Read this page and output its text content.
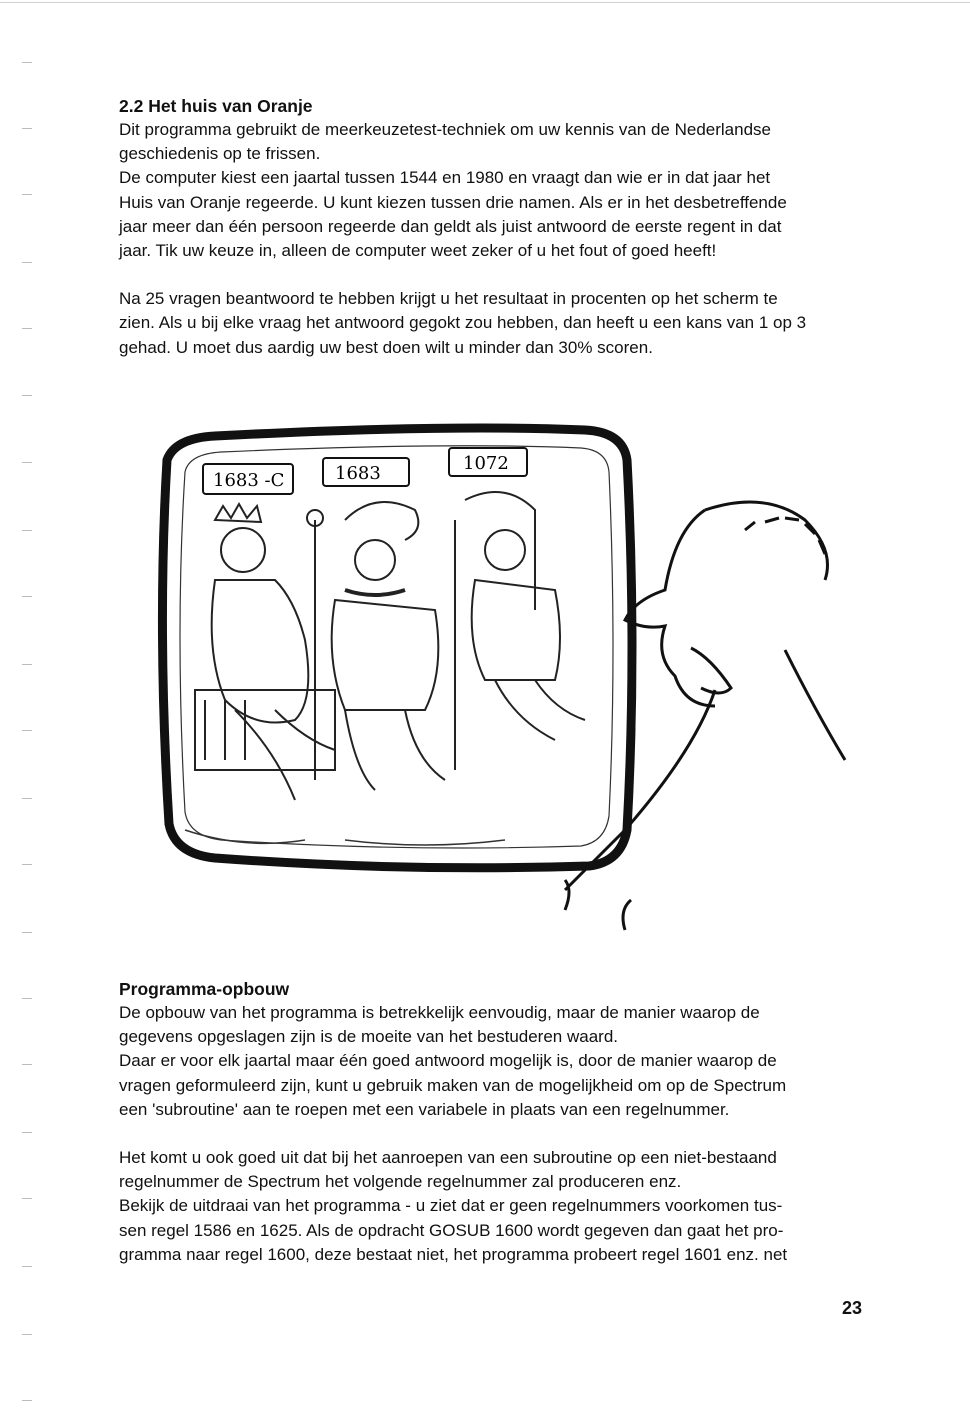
2.2 Het huis van Oranje

Dit programma gebruikt de meerkeuzetest-techniek om uw kennis van de Nederlandse
geschiedenis op te frissen.
De computer kiest een jaartal tussen 1544 en 1980 en vraagt dan wie er in dat jaar het
Huis van Oranje regeerde. U kunt kiezen tussen drie namen. Als er in het desbetreffende
jaar meer dan één persoon regeerde dan geldt als juist antwoord de eerste regent in dat
jaar. Tik uw keuze in, alleen de computer weet zeker of u het fout of goed heeft!

Na 25 vragen beantwoord te hebben krijgt u het resultaat in procenten op het scherm te
zien. Als u bij elke vraag het antwoord gegokt zou hebben, dan heeft u een kans van 1 op 3
gehad. U moet dus aardig uw best doen wilt u minder dan 30% scoren.

1683 -C	1683	1072
Programma-opbouw

De opbouw van het programma is betrekkelijk eenvoudig, maar de manier waarop de
gegevens opgeslagen zijn is de moeite van het bestuderen waard.
Daar er voor elk jaartal maar één goed antwoord mogelijk is, door de manier waarop de
vragen geformuleerd zijn, kunt u gebruik maken van de mogelijkheid om op de Spectrum
een 'subroutine' aan te roepen met een variabele in plaats van een regelnummer.

Het komt u ook goed uit dat bij het aanroepen van een subroutine op een niet-bestaand
regelnummer de Spectrum het volgende regelnummer zal produceren enz.
Bekijk de uitdraai van het programma - u ziet dat er geen regelnummers voorkomen tus-
sen regel 1586 en 1625. Als de opdracht GOSUB 1600 wordt gegeven dan gaat het pro-
gramma naar regel 1600, deze bestaat niet, het programma probeert regel 1601 enz. net

23
